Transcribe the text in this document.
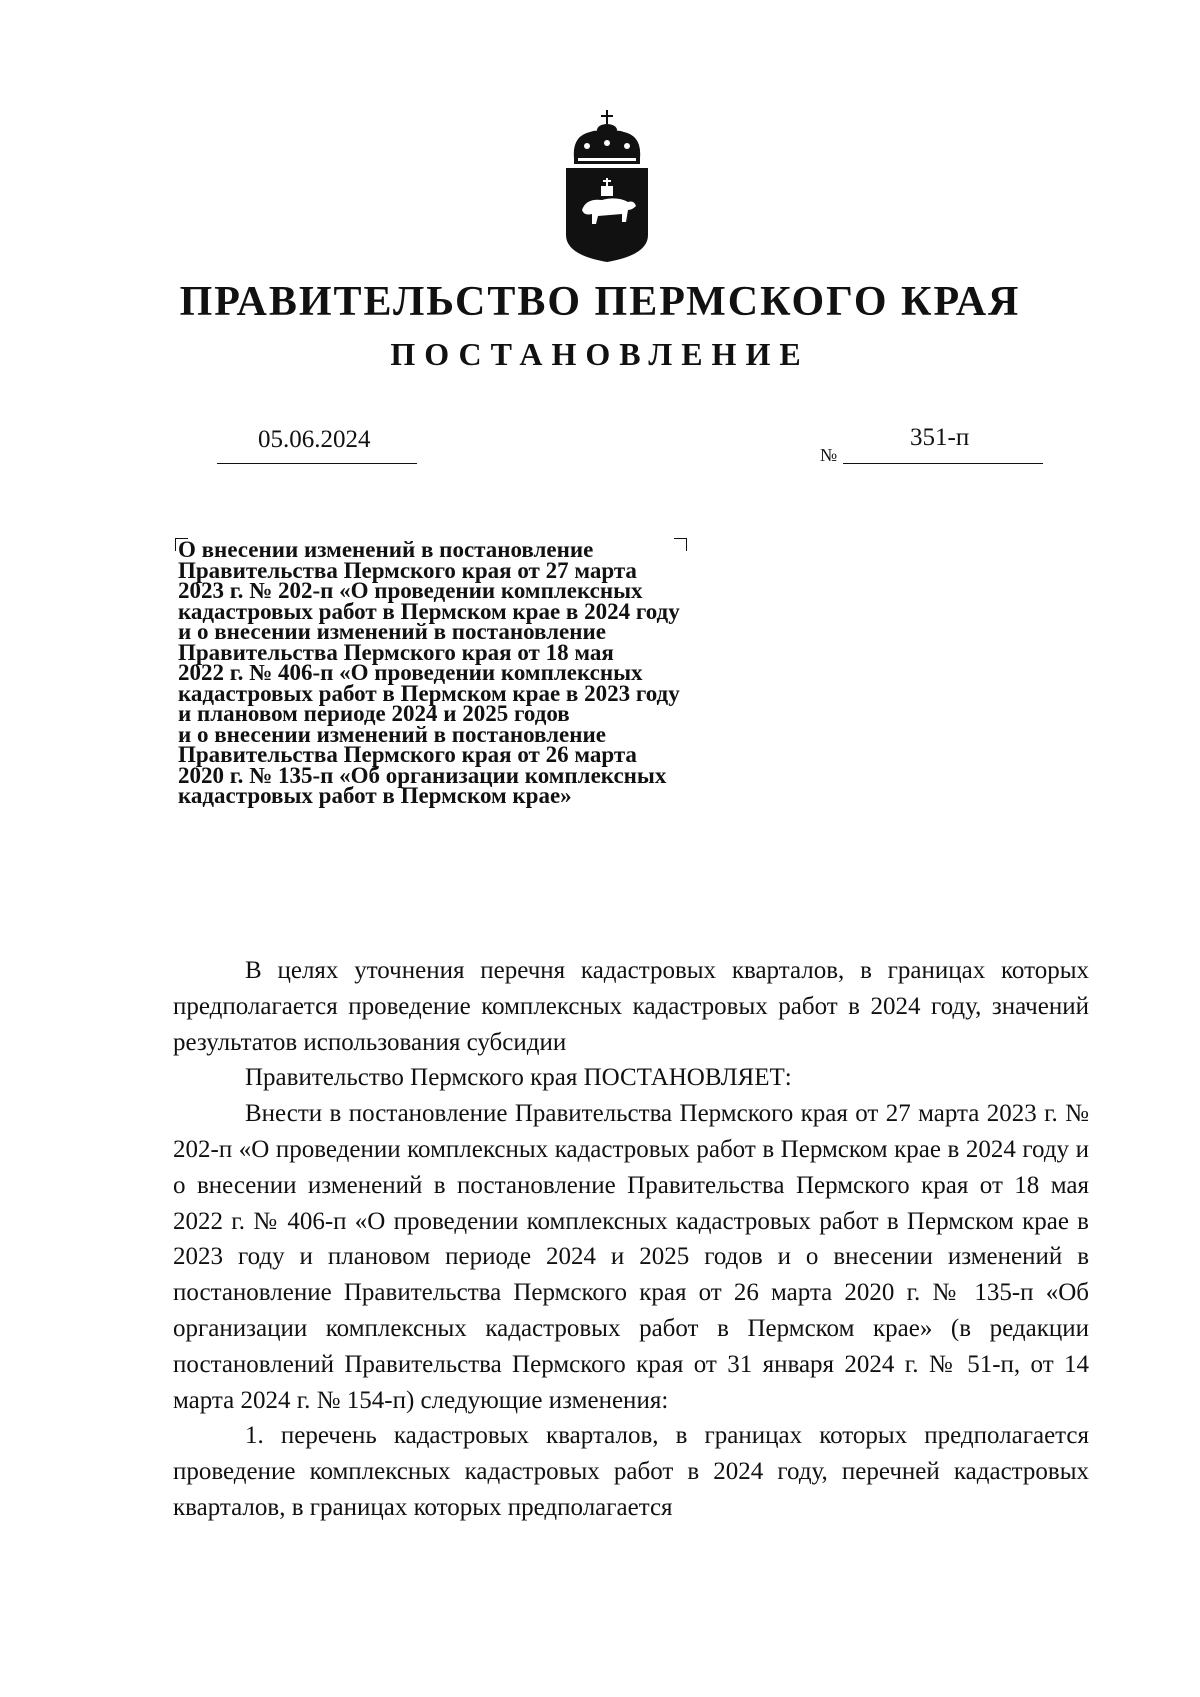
ПРАВИТЕЛЬСТВО ПЕРМСКОГО КРАЯ
ПОСТАНОВЛЕНИЕ
05.06.2024
№
351-п
О внесении изменений в постановление
Правительства Пермского края от 27 марта
2023 г. № 202-п «О проведении комплексных
кадастровых работ в Пермском крае в 2024 году
и о внесении изменений в постановление
Правительства Пермского края от 18 мая
2022 г. № 406-п «О проведении комплексных
кадастровых работ в Пермском крае в 2023 году
и плановом периоде 2024 и 2025 годов
и о внесении изменений в постановление
Правительства Пермского края от 26 марта
2020 г. № 135-п «Об организации комплексных
кадастровых работ в Пермском крае»

В целях уточнения перечня кадастровых кварталов, в границах которых предполагается проведение комплексных кадастровых работ в 2024 году, значений результатов использования субсидии

Правительство Пермского края ПОСТАНОВЛЯЕТ:

Внести в постановление Правительства Пермского края от 27 марта 2023 г. № 202-п «О проведении комплексных кадастровых работ в Пермском крае в 2024 году и о внесении изменений в постановление Правительства Пермского края от 18 мая 2022 г. № 406-п «О проведении комплексных кадастровых работ в Пермском крае в 2023 году и плановом периоде 2024 и 2025 годов и о внесении изменений в постановление Правительства Пермского края от 26 марта 2020 г. № 135-п «Об организации комплексных кадастровых работ в Пермском крае» (в редакции постановлений Правительства Пермского края от 31 января 2024 г. № 51-п, от 14 марта 2024 г. № 154-п) следующие изменения:

1. перечень кадастровых кварталов, в границах которых предполагается проведение комплексных кадастровых работ в 2024 году, перечней кадастровых кварталов, в границах которых предполагается
